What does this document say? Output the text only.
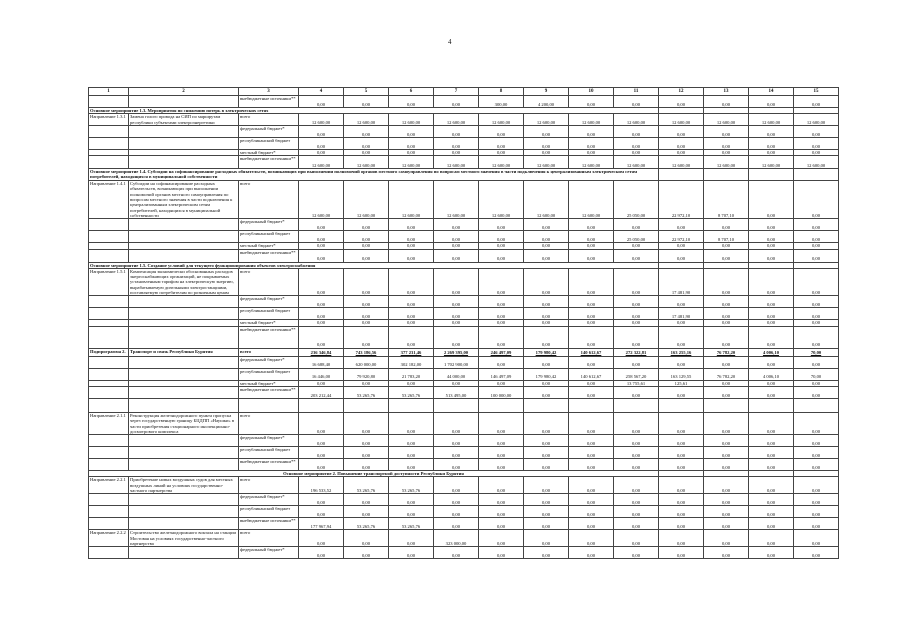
4
1	2	3	4	5	6	7	8	9	10	11	12	13	14	15
		внебюджетные источники**	0,00	0,00	0,00	0,00	300,00	4 200,00	0,00	0,00	0,00	0,00	0,00	0,00
Основное мероприятие 1.3. Мероприятия по снижению потерь в электрических сетях														
Направление 1.3.1	Замена голого провода на СИП по маршрутам республики субъектами электроэнергетики	всего	12 600,00	12 600,00	12 600,00	12 600,00	12 600,00	12 600,00	12 600,00	12 600,00	12 600,00	12 600,00	12 600,00	12 600,00
		федеральный бюджет*	0,00	0,00	0,00	0,00	0,00	0,00	0,00	0,00	0,00	0,00	0,00	0,00
		республиканский бюджет	0,00	0,00	0,00	0,00	0,00	0,00	0,00	0,00	0,00	0,00	0,00	0,00
		местный бюджет*	0,00	0,00	0,00	0,00	0,00	0,00	0,00	0,00	0,00	0,00	0,00	0,00
		внебюджетные источники**	12 600,00	12 600,00	12 600,00	12 600,00	12 600,00	12 600,00	12 600,00	12 600,00	12 600,00	12 600,00	12 600,00	12 600,00
Основное мероприятие 1.4. Субсидии на софинансирование расходных обязательств, возникающих при выполнении полномочий органов местного самоуправления по вопросам местного значения в части подключения к централизованным электрическим сетям потребителей, находящихся в муниципальной собственности														
Направление 1.4.1	Субсидии на софинансирование расходных обязательств, возникающих при выполнении полномочий органов местного самоуправления по вопросам местного значения в части подключения к централизованным электрическим сетям потребителей, находящихся в муниципальной собственности	всего	12 600,00	12 600,00	12 600,00	12 600,00	12 600,00	12 600,00	12 600,00	25 050,00	22 972,10	8 707,10	0,00	0,00
		федеральный бюджет*	0,00	0,00	0,00	0,00	0,00	0,00	0,00	0,00	0,00	0,00	0,00	0,00
		республиканский бюджет	0,00	0,00	0,00	0,00	0,00	0,00	0,00	25 050,00	22 972,10	8 707,10	0,00	0,00
		местный бюджет*	0,00	0,00	0,00	0,00	0,00	0,00	0,00	0,00	0,00	0,00	0,00	0,00
		внебюджетные источники**	0,00	0,00	0,00	0,00	0,00	0,00	0,00	0,00	0,00	0,00	0,00	0,00
Основное мероприятие 1.5. Создание условий для текущего функционирования объектов электроснабжения														
Направление 1.5.1	Компенсация экономически обоснованных расходов энергоснабжающих организаций, не покрываемых установленным тарифом на электрическую энергию, вырабатываемую дизельными электростанциями, поставляемую потребителям по розничным ценам	всего	0,00	0,00	0,00	0,00	0,00	0,00	0,00	0,00	17 481,90	0,00	0,00	0,00
		федеральный бюджет*	0,00	0,00	0,00	0,00	0,00	0,00	0,00	0,00	0,00	0,00	0,00	0,00
		республиканский бюджет	0,00	0,00	0,00	0,00	0,00	0,00	0,00	0,00	17 481,90	0,00	0,00	0,00
		местный бюджет*	0,00	0,00	0,00	0,00	0,00	0,00	0,00	0,00	0,00	0,00	0,00	0,00
		внебюджетные источники**	0,00	0,00	0,00	0,00	0,00	0,00	0,00	0,00	0,00	0,00	0,00	0,00
Подпрограмма 2.	Транспорт и связь Республики Бурятия	всего	236 346,84	743 186,56	377 231,46	2 269 395,00	246 497,09	179 980,42	140 612,67	272 322,81	163 255,16	76 782,20	4 006,10	70,00
		федеральный бюджет*	16 688,40	620 000,00	302 182,00	1 702 900,00	0,00	0,00	0,00	0,00	0,00	0,00	0,00	0,00
		республиканский бюджет	16 446,00	79 920,80	21 783,20	44 000,00	146 497,09	179 980,42	140 612,67	258 567,20	163 129,55	76 782,20	4 006,10	70,00
		местный бюджет*	0,00	0,00	0,00	0,00	0,00	0,00	0,00	13 755,61	125,61	0,00	0,00	0,00
		внебюджетные источники**	203 212,44	53 265,76	53 265,76	513 495,00	100 000,00	0,00	0,00	0,00	0,00	0,00	0,00	0,00

Направление 2.1.1	Реконструкция железнодорожного пункта пропуска через государственную границу БЦДПП «Наушки» в части приобретения стационарного инспекционно-досмотрового комплекса	всего	0,00	0,00	0,00	0,00	0,00	0,00	0,00	0,00	0,00	0,00	0,00	0,00
		федеральный бюджет*	0,00	0,00	0,00	0,00	0,00	0,00	0,00	0,00	0,00	0,00	0,00	0,00
		республиканский бюджет	0,00	0,00	0,00	0,00	0,00	0,00	0,00	0,00	0,00	0,00	0,00	0,00
		внебюджетные источники**	0,00	0,00	0,00	0,00	0,00	0,00	0,00	0,00	0,00	0,00	0,00	0,00
Основное мероприятие 2. Повышение транспортной доступности Республики Бурятия														
Направление 2.2.1	Приобретение новых воздушных судов для местных воздушных линий на условиях государственно-частного партнерства	всего	196 533,52	53 265,76	53 265,76	0,00	0,00	0,00	0,00	0,00	0,00	0,00	0,00	0,00
		федеральный бюджет*	0,00	0,00	0,00	0,00	0,00	0,00	0,00	0,00	0,00	0,00	0,00	0,00
		республиканский бюджет	0,00	0,00	0,00	0,00	0,00	0,00	0,00	0,00	0,00	0,00	0,00	0,00
		внебюджетные источники**	177 967,94	53 265,76	53 265,76	0,00	0,00	0,00	0,00	0,00	0,00	0,00	0,00	0,00
Направление 2.2.2	Строительство железнодорожного вокзала на станции Мостовая на условиях государственно-частного партнерства	всего	0,00	0,00	0,00	323 000,00	0,00	0,00	0,00	0,00	0,00	0,00	0,00	0,00
		федеральный бюджет*	0,00	0,00	0,00	0,00	0,00	0,00	0,00	0,00	0,00	0,00	0,00	0,00
